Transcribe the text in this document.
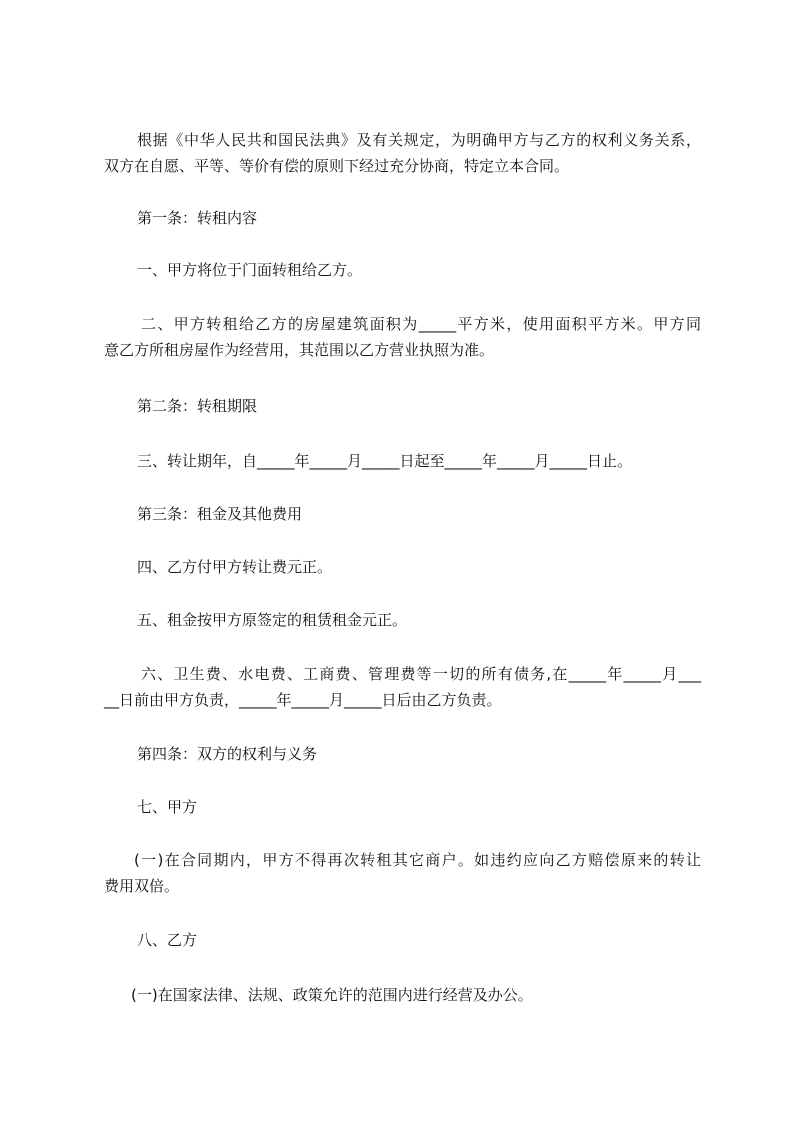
根据《中华人民共和国民法典》及有关规定，为明确甲方与乙方的权利义务关系，
双方在自愿、平等、等价有偿的原则下经过充分协商，特定立本合同。
第一条：转租内容
一、甲方将位于门面转租给乙方。
二、甲方转租给乙方的房屋建筑面积为_____平方米，使用面积平方米。甲方同
意乙方所租房屋作为经营用，其范围以乙方营业执照为准。
第二条：转租期限
三、转让期年，自_____年_____月_____日起至_____年_____月_____日止。
第三条：租金及其他费用
四、乙方付甲方转让费元正。
五、租金按甲方原签定的租赁租金元正。
六、卫生费、水电费、工商费、管理费等一切的所有债务,在_____年_____月___
__日前由甲方负责，_____年_____月_____日后由乙方负责。
第四条：双方的权利与义务
七、甲方
(一)在合同期内，甲方不得再次转租其它商户。如违约应向乙方赔偿原来的转让
费用双倍。
八、乙方
(一)在国家法律、法规、政策允许的范围内进行经营及办公。
